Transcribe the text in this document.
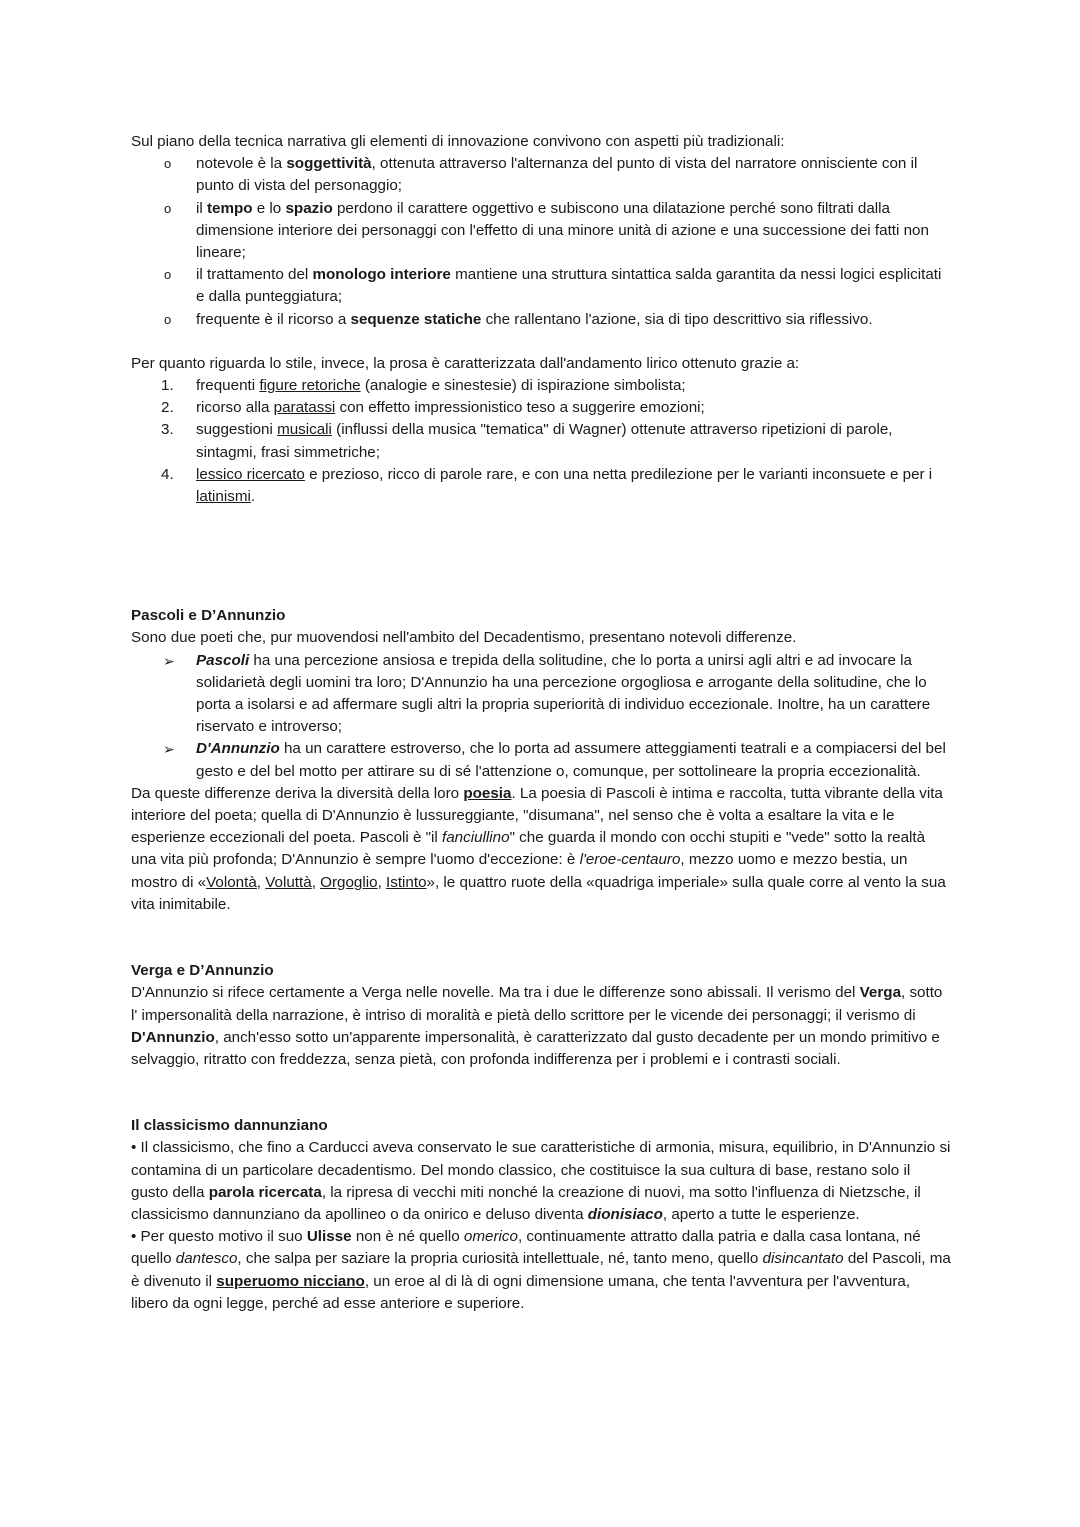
Sul piano della tecnica narrativa gli elementi di innovazione convivono con aspetti più tradizionali:

o	notevole è la soggettività, ottenuta attraverso l'alternanza del punto di vista del narratore onnisciente con il punto di vista del personaggio;
o	il tempo e lo spazio perdono il carattere oggettivo e subiscono una dilatazione perché sono filtrati dalla dimensione interiore dei personaggi con l'effetto di una minore unità di azione e una successione dei fatti non lineare;
o	il trattamento del monologo interiore mantiene una struttura sintattica salda garantita da nessi logici esplicitati e dalla punteggiatura;
o	frequente è il ricorso a sequenze statiche che rallentano l'azione, sia di tipo descrittivo sia riflessivo.

Per quanto riguarda lo stile, invece, la prosa è caratterizzata dall'andamento lirico ottenuto grazie a:

1.	frequenti figure retoriche (analogie e sinestesie) di ispirazione simbolista;
2.	ricorso alla paratassi con effetto impressionistico teso a suggerire emozioni;
3.	suggestioni musicali (influssi della musica "tematica" di Wagner) ottenute attraverso ripetizioni di parole, sintagmi, frasi simmetriche;
4.	lessico ricercato e prezioso, ricco di parole rare, e con una netta predilezione per le varianti inconsuete e per i latinismi.

Pascoli e D’Annunzio

Sono due poeti che, pur muovendosi nell'ambito del Decadentismo, presentano notevoli differenze.

➢	Pascoli ha una percezione ansiosa e trepida della solitudine, che lo porta a unirsi agli altri e ad invocare la solidarietà degli uomini tra loro; D'Annunzio ha una percezione orgogliosa e arrogante della solitudine, che lo porta a isolarsi e ad affermare sugli altri la propria superiorità di individuo eccezionale. Inoltre, ha un carattere riservato e introverso;
➢	D'Annunzio ha un carattere estroverso, che lo porta ad assumere atteggiamenti teatrali e a compiacersi del bel gesto e del bel motto per attirare su di sé l'attenzione o, comunque, per sottolineare la propria eccezionalità.

Da queste differenze deriva la diversità della loro poesia. La poesia di Pascoli è intima e raccolta, tutta vibrante della vita interiore del poeta; quella di D'Annunzio è lussureggiante, "disumana", nel senso che è volta a esaltare la vita e le esperienze eccezionali del poeta. Pascoli è "il fanciullino" che guarda il mondo con occhi stupiti e "vede" sotto la realtà una vita più profonda; D'Annunzio è sempre l'uomo d'eccezione: è l'eroe-centauro, mezzo uomo e mezzo bestia, un mostro di «Volontà, Voluttà, Orgoglio, Istinto», le quattro ruote della «quadriga imperiale» sulla quale corre al vento la sua vita inimitabile.

Verga e D’Annunzio

D'Annunzio si rifece certamente a Verga nelle novelle. Ma tra i due le differenze sono abissali. Il verismo del Verga, sotto l' impersonalità della narrazione, è intriso di moralità e pietà dello scrittore per le vicende dei personaggi; il verismo di D'Annunzio, anch'esso sotto un'apparente impersonalità, è caratterizzato dal gusto decadente per un mondo primitivo e selvaggio, ritratto con freddezza, senza pietà, con profonda indifferenza per i problemi e i contrasti sociali.

Il classicismo dannunziano

• Il classicismo, che fino a Carducci aveva conservato le sue caratteristiche di armonia, misura, equilibrio, in D'Annunzio si contamina di un particolare decadentismo. Del mondo classico, che costituisce la sua cultura di base, restano solo il gusto della parola ricercata, la ripresa di vecchi miti nonché la creazione di nuovi, ma sotto l'influenza di Nietzsche, il classicismo dannunziano da apollineo o da onirico e deluso diventa dionisiaco, aperto a tutte le esperienze.

• Per questo motivo il suo Ulisse non è né quello omerico, continuamente attratto dalla patria e dalla casa lontana, né quello dantesco, che salpa per saziare la propria curiosità intellettuale, né, tanto meno, quello disincantato del Pascoli, ma è divenuto il superuomo nicciano, un eroe al di là di ogni dimensione umana, che tenta l'avventura per l'avventura, libero da ogni legge, perché ad esse anteriore e superiore.
